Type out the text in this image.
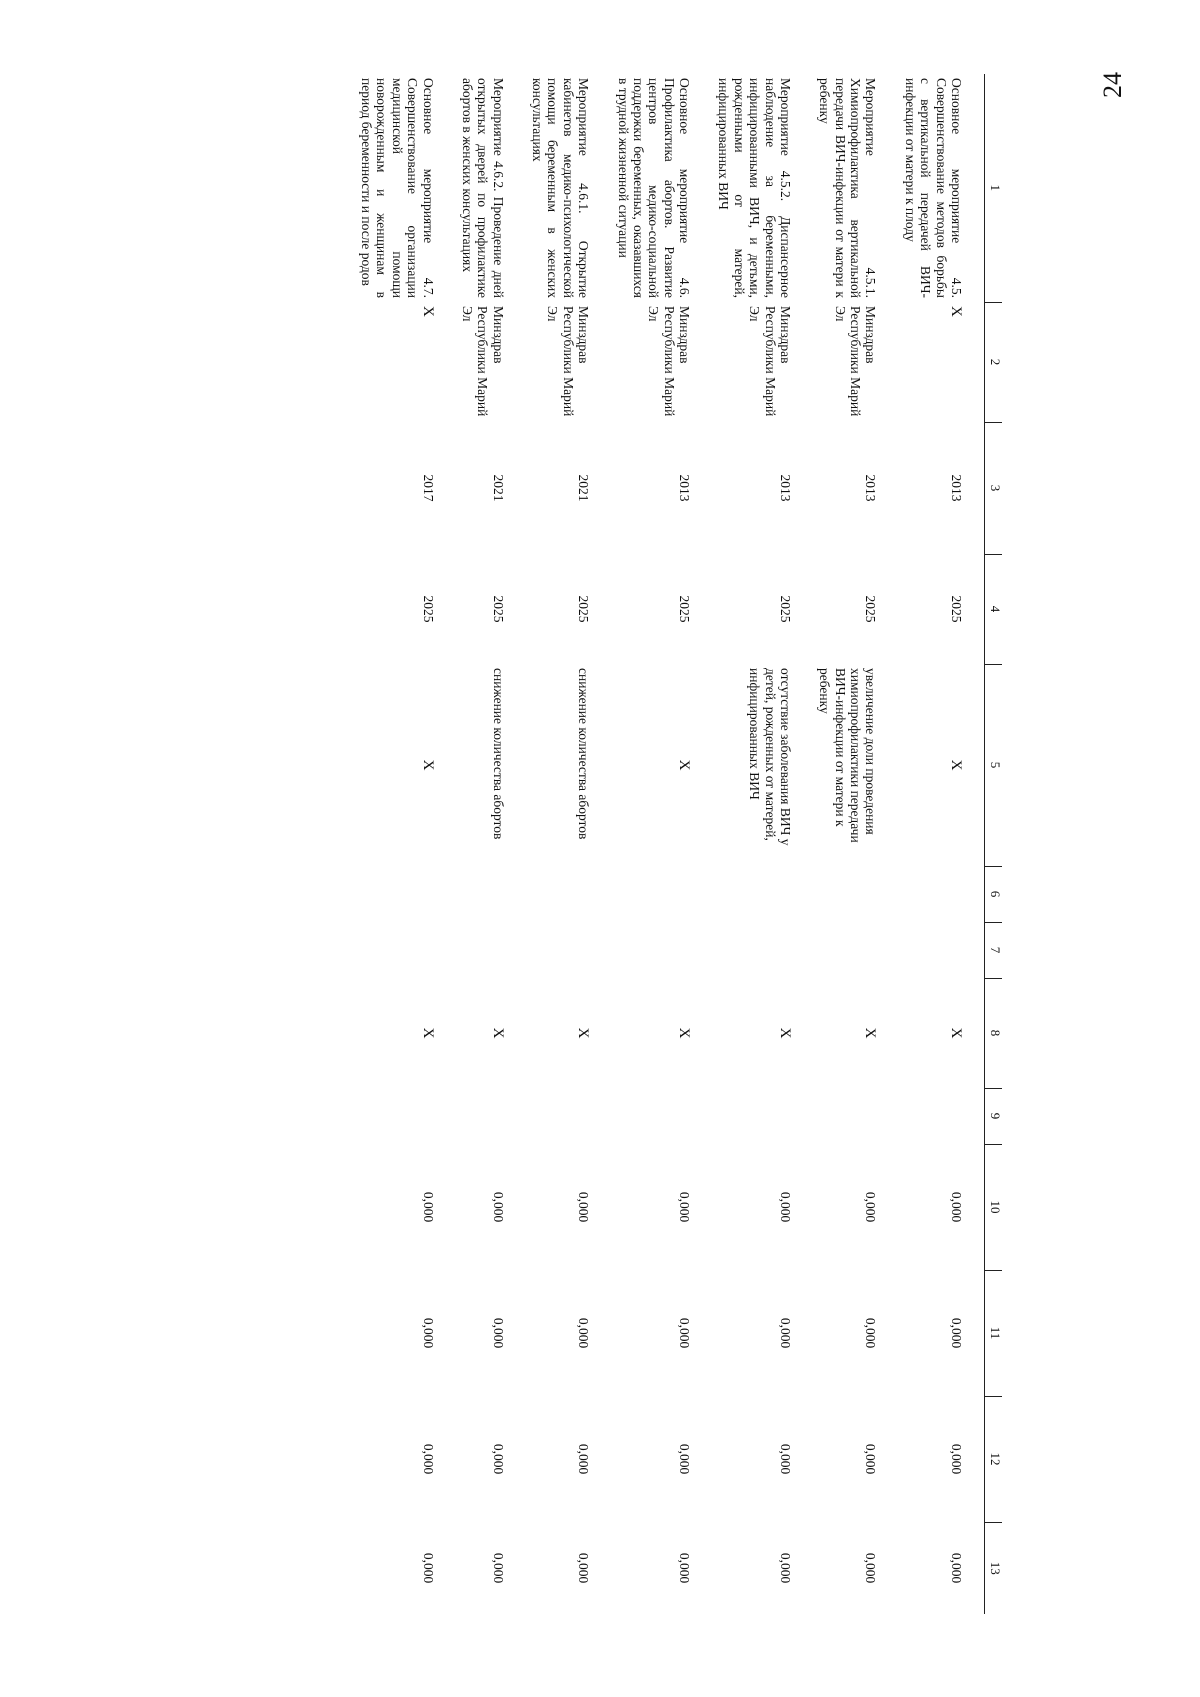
24
1	2	3	4	5	6	7	8	9	10	11	12	13
Основное мероприятие 4.5. Совершенствование методов борьбы с вертикальной передачей ВИЧ-инфекции от матери к плоду	X	2013	2025	X			X		0,000	0,000	0,000	0,000
Мероприятие 4.5.1. Химиопрофилактика вертикальной передачи ВИЧ-инфекции от матери к ребенку	Минздрав Республики Марий Эл	2013	2025	увеличение доли проведения химиопрофилактики передачи ВИЧ-инфекции от матери к ребенку			X		0,000	0,000	0,000	0,000
Мероприятие 4.5.2. Диспансерное наблюдение за беременными, инфицированными ВИЧ, и детьми, рожденными от матерей, инфицированных ВИЧ	Минздрав Республики Марий Эл	2013	2025	отсутствие заболевания ВИЧ у детей, рожденных от матерей, инфицированных ВИЧ			X		0,000	0,000	0,000	0,000
Основное мероприятие 4.6. Профилактика абортов. Развитие центров медико-социальной поддержки беременных, оказавшихся в трудной жизненной ситуации	Минздрав Республики Марий Эл	2013	2025	X			X		0,000	0,000	0,000	0,000
Мероприятие 4.6.1. Открытие кабинетов медико-психологической помощи беременным в женских консультациях	Минздрав Республики Марий Эл	2021	2025	снижение количества абортов			X		0,000	0,000	0,000	0,000
Мероприятие 4.6.2. Проведение дней открытых дверей по профилактике абортов в женских консультациях	Минздрав Республики Марий Эл	2021	2025	снижение количества абортов			X		0,000	0,000	0,000	0,000
Основное мероприятие 4.7. Совершенствование организации медицинской помощи новорожденным и женщинам в период беременности и после родов	X	2017	2025	X			X		0,000	0,000	0,000	0,000
